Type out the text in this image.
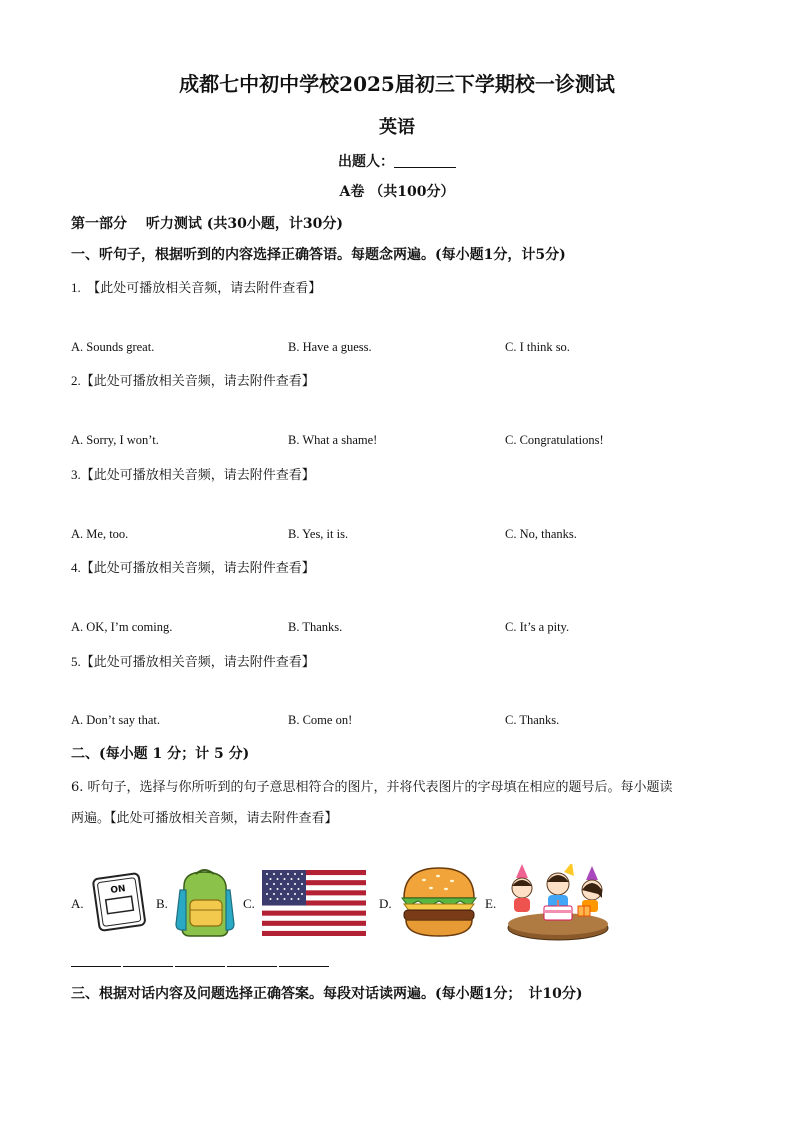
成都七中初中学校2025届初三下学期校一诊测试
英语
出题人：
A卷 （共100分）
第一部分　 听力测试 (共30小题，计30分)
一、听句子，根据听到的内容选择正确答语。每题念两遍。(每小题1分，计5分)
1.　 【此处可播放相关音频，请去附件查看】
A. Sounds great.	B. Have a guess.	C. I think so.
2.【此处可播放相关音频，请去附件查看】
A. Sorry, I won’t.	B. What a shame!	C. Congratulations!
3.【此处可播放相关音频，请去附件查看】
A. Me, too.	B. Yes, it is.	C. No, thanks.
4.【此处可播放相关音频，请去附件查看】
A. OK, I’m coming.	B. Thanks.	C. It’s a pity.
5.【此处可播放相关音频，请去附件查看】
A. Don’t say that.	B. Come on!	C. Thanks.
二、(每小题 1 分；计 5 分)
6. 听句子，选择与你所听到的句子意思相符合的图片，并将代表图片的字母填在相应的题号后。每小题读
两遍。【此处可播放相关音频，请去附件查看】
A.
ON
B.	C.	D.	E.
三、根据对话内容及问题选择正确答案。每段对话读两遍。(每小题1分；　计10分)
